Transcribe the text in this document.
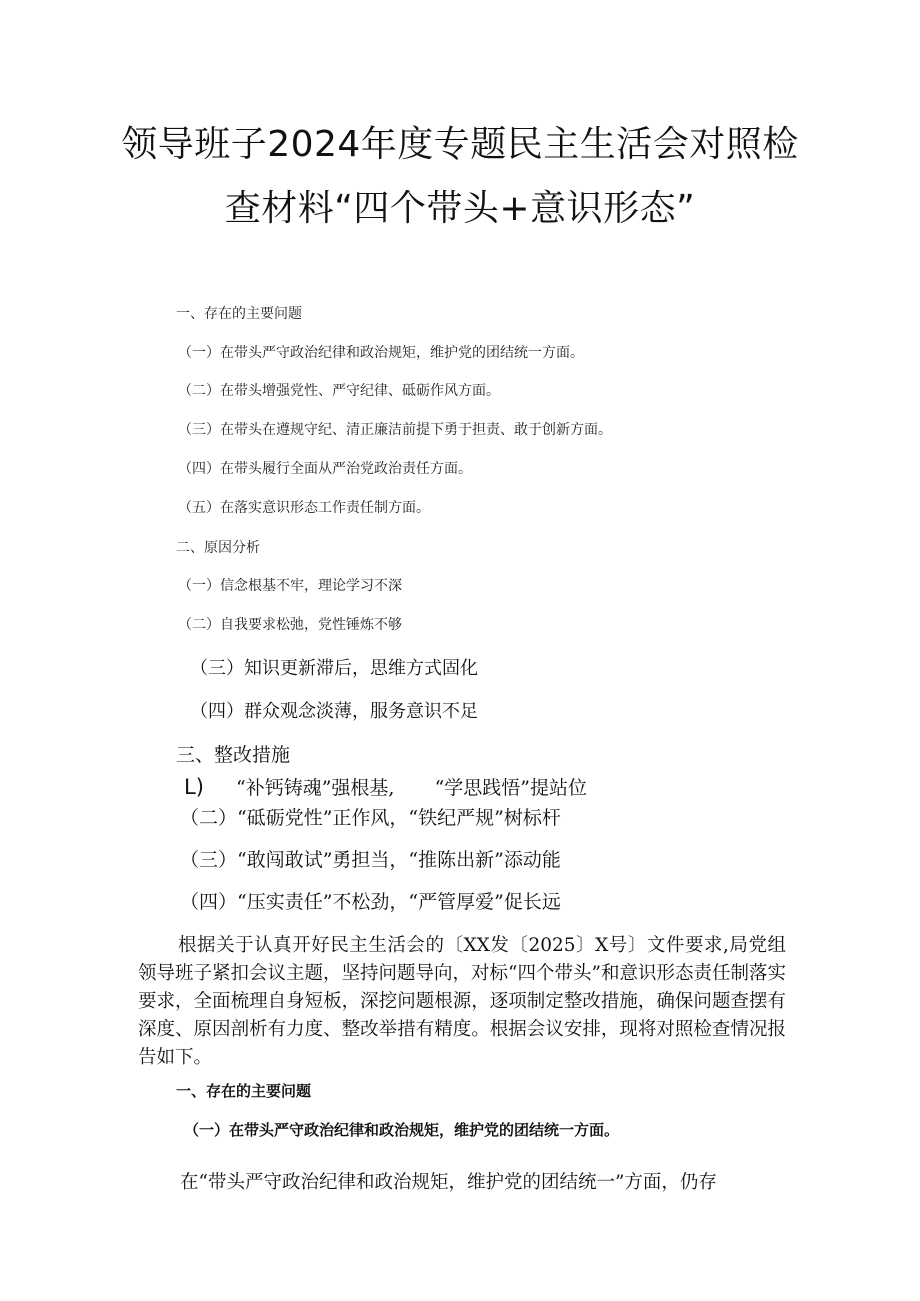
领导班子2024年度专题民主生活会对照检
查材料“四个带头+意识形态”
一、存在的主要问题
（一）在带头严守政治纪律和政治规矩，维护党的团结统一方面。
（二）在带头增强党性、严守纪律、砥砺作风方面。
（三）在带头在遵规守纪、清正廉洁前提下勇于担责、敢于创新方面。
（四）在带头履行全面从严治党政治责任方面。
（五）在落实意识形态工作责任制方面。
二、原因分析
（一）信念根基不牢，理论学习不深
（二）自我要求松弛，党性锤炼不够
（三）知识更新滞后，思维方式固化
（四）群众观念淡薄，服务意识不足
三、整改措施
L) “补钙铸魂”强根基, “学思践悟”提站位
（二）“砥砺党性”正作风，“铁纪严规”树标杆
（三）“敢闯敢试”勇担当，“推陈出新”添动能
（四）“压实责任”不松劲，“严管厚爱”促长远
根据关于认真开好民主生活会的〔XX发〔2025〕X号〕文件要求,局党组领导班子紧扣会议主题，坚持问题导向，对标“四个带头”和意识形态责任制落实要求，全面梳理自身短板，深挖问题根源，逐项制定整改措施，确保问题查摆有深度、原因剖析有力度、整改举措有精度。根据会议安排，现将对照检查情况报告如下。
一、存在的主要问题
（一）在带头严守政治纪律和政治规矩，维护党的团结统一方面。
在“带头严守政治纪律和政治规矩，维护党的团结统一”方面，仍存
